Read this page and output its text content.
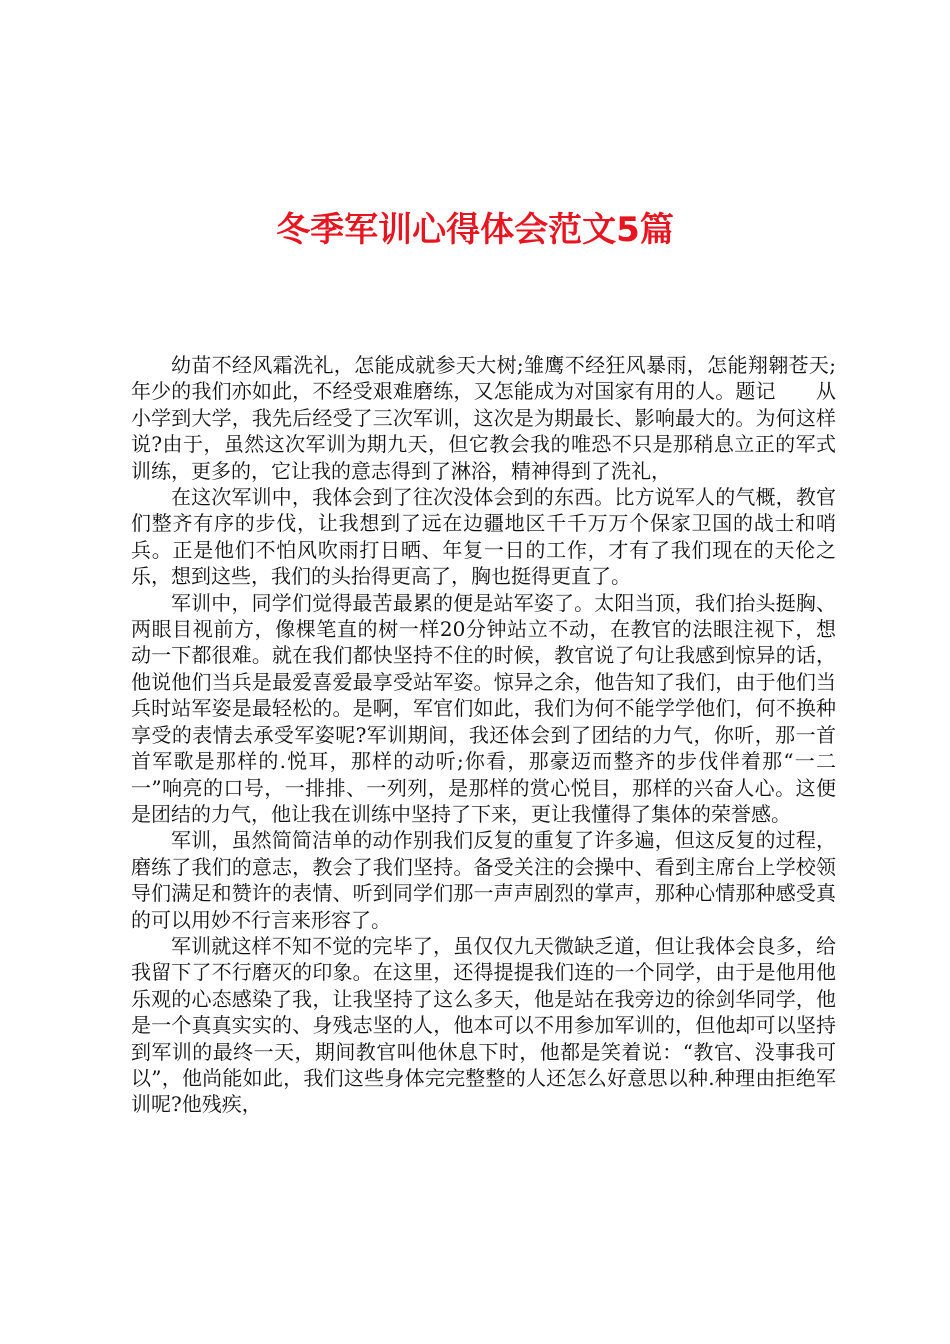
冬季军训心得体会范文5篇

幼苗不经风霜洗礼，怎能成就参天大树;雏鹰不经狂风暴雨，怎能翔翱苍天;年少的我们亦如此，不经受艰难磨练，又怎能成为对国家有用的人。题记　　从小学到大学，我先后经受了三次军训，这次是为期最长、影响最大的。为何这样说?由于，虽然这次军训为期九天，但它教会我的唯恐不只是那稍息立正的军式训练，更多的，它让我的意志得到了淋浴，精神得到了洗礼，

在这次军训中，我体会到了往次没体会到的东西。比方说军人的气概，教官们整齐有序的步伐，让我想到了远在边疆地区千千万万个保家卫国的战士和哨兵。正是他们不怕风吹雨打日晒、年复一日的工作，才有了我们现在的天伦之乐，想到这些，我们的头抬得更高了，胸也挺得更直了。

军训中，同学们觉得最苦最累的便是站军姿了。太阳当顶，我们抬头挺胸、两眼目视前方，像棵笔直的树一样20分钟站立不动，在教官的法眼注视下，想动一下都很难。就在我们都快坚持不住的时候，教官说了句让我感到惊异的话，他说他们当兵是最爱喜爱最享受站军姿。惊异之余，他告知了我们，由于他们当兵时站军姿是最轻松的。是啊，军官们如此，我们为何不能学学他们，何不换种享受的表情去承受军姿呢?军训期间，我还体会到了团结的力气，你听，那一首首军歌是那样的.悦耳，那样的动听;你看，那豪迈而整齐的步伐伴着那“一二一”响亮的口号，一排排、一列列，是那样的赏心悦目，那样的兴奋人心。这便是团结的力气，他让我在训练中坚持了下来，更让我懂得了集体的荣誉感。

军训，虽然简简洁单的动作别我们反复的重复了许多遍，但这反复的过程，磨练了我们的意志，教会了我们坚持。备受关注的会操中、看到主席台上学校领导们满足和赞许的表情、听到同学们那一声声剧烈的掌声，那种心情那种感受真的可以用妙不行言来形容了。

军训就这样不知不觉的完毕了，虽仅仅九天微缺乏道，但让我体会良多，给我留下了不行磨灭的印象。在这里，还得提提我们连的一个同学，由于是他用他乐观的心态感染了我，让我坚持了这么多天，他是站在我旁边的徐剑华同学，他是一个真真实实的、身残志坚的人，他本可以不用参加军训的，但他却可以坚持到军训的最终一天，期间教官叫他休息下时，他都是笑着说：“教官、没事我可以”，他尚能如此，我们这些身体完完整整的人还怎么好意思以种.种理由拒绝军训呢?他残疾，
